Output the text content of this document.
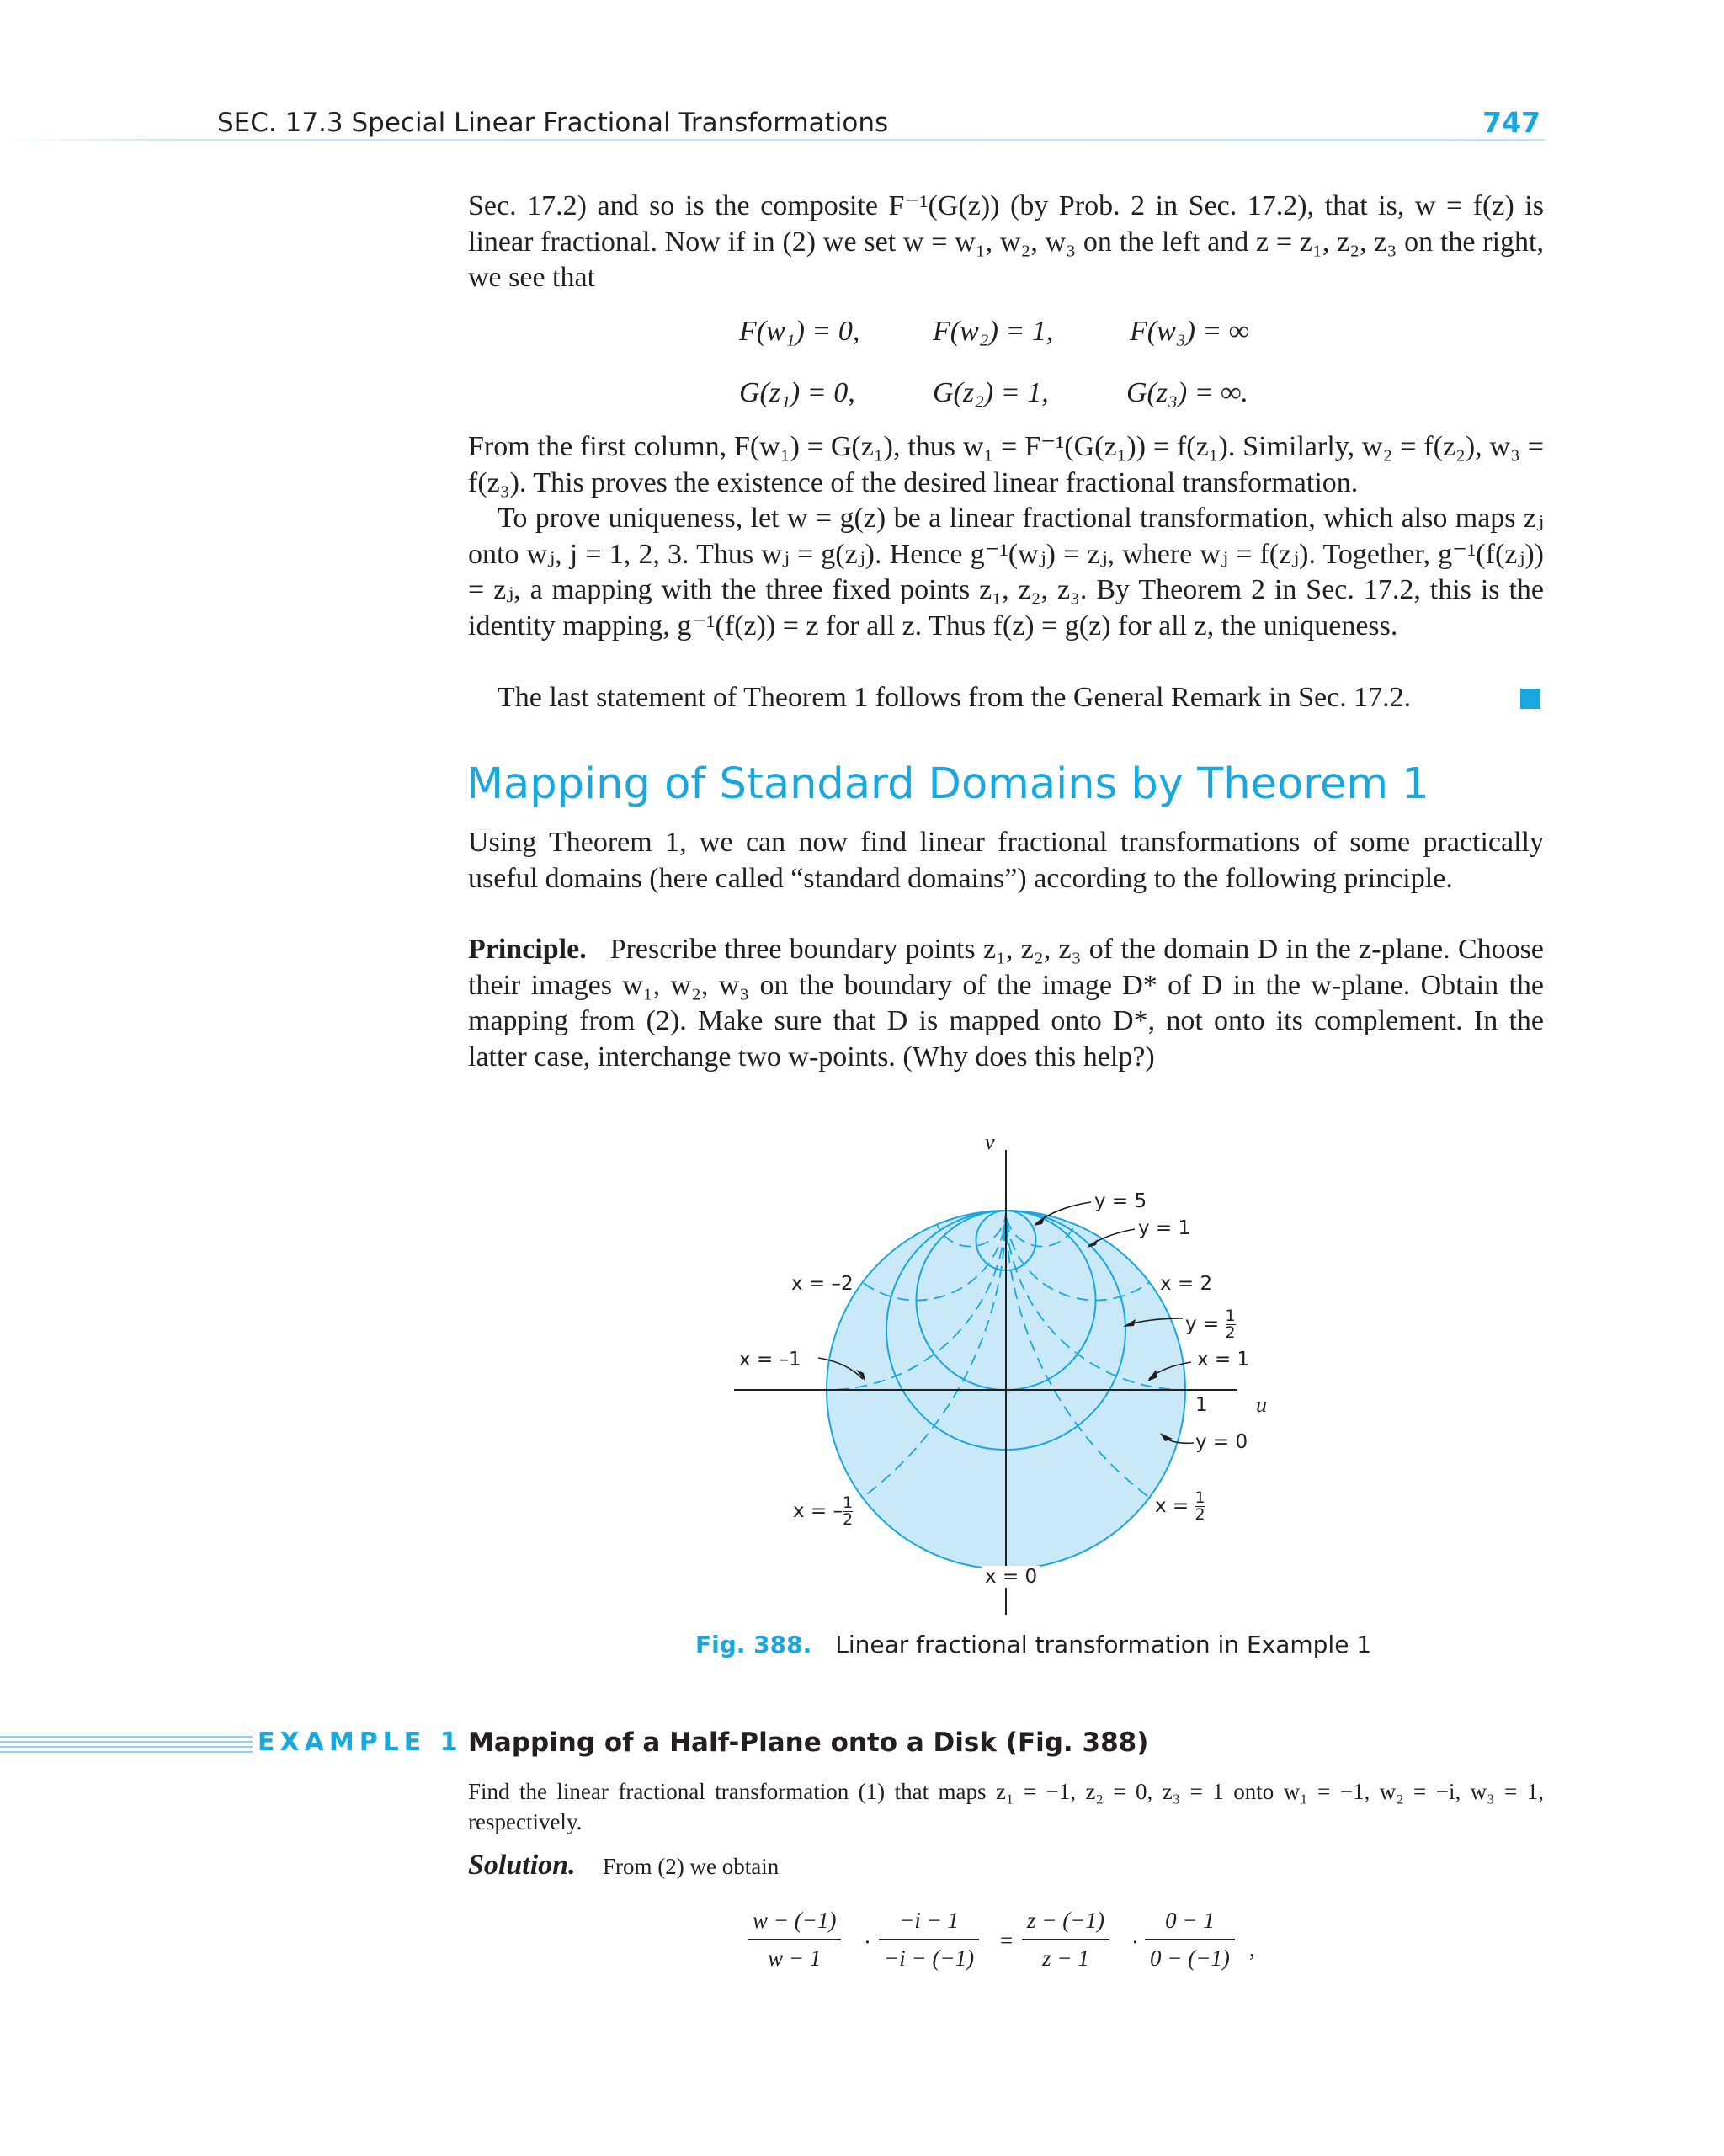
SEC. 17.3 Special Linear Fractional Transformations	747

Sec. 17.2) and so is the composite F⁻¹(G(z)) (by Prob. 2 in Sec. 17.2), that is, w = f(z) is linear fractional. Now if in (2) we set w = w₁, w₂, w₃ on the left and z = z₁, z₂, z₃ on the right, we see that

F(w₁) = 0,	F(w₂) = 1,	F(w₃) = ∞
G(z₁) = 0,	G(z₂) = 1,	G(z₃) = ∞.

From the first column, F(w₁) = G(z₁), thus w₁ = F⁻¹(G(z₁)) = f(z₁). Similarly, w₂ = f(z₂), w₃ = f(z₃). This proves the existence of the desired linear fractional transformation.

To prove uniqueness, let w = g(z) be a linear fractional transformation, which also maps zⱼ onto wⱼ, j = 1, 2, 3. Thus wⱼ = g(zⱼ). Hence g⁻¹(wⱼ) = zⱼ, where wⱼ = f(zⱼ). Together, g⁻¹(f(zⱼ)) = zⱼ, a mapping with the three fixed points z₁, z₂, z₃. By Theorem 2 in Sec. 17.2, this is the identity mapping, g⁻¹(f(z)) = z for all z. Thus f(z) = g(z) for all z, the uniqueness.

The last statement of Theorem 1 follows from the General Remark in Sec. 17.2.

Mapping of Standard Domains by Theorem 1

Using Theorem 1, we can now find linear fractional transformations of some practically useful domains (here called “standard domains”) according to the following principle.

Principle. Prescribe three boundary points z₁, z₂, z₃ of the domain D in the z-plane. Choose their images w₁, w₂, w₃ on the boundary of the image D* of D in the w-plane. Obtain the mapping from (2). Make sure that D is mapped onto D*, not onto its complement. In the latter case, interchange two w-points. (Why does this help?)

v
u
1
y = 5
y = 1
$y = \frac{1}{2}$
y = 0
x = –2
x = –1
x = – $\frac{1}{2}$
x = 2
x = 1
$x = \frac{1}{2}$
x = 0
Fig. 388. Linear fractional transformation in Example 1
EXAMPLE 1 Mapping of a Half-Plane onto a Disk (Fig. 388)

Find the linear fractional transformation (1) that maps z₁ = −1, z₂ = 0, z₃ = 1 onto w₁ = −1, w₂ = −i, w₃ = 1, respectively.

Solution. From (2) we obtain
w − (−1)
w − 1
·
−i − 1
−i − (−1)
=
z − (−1)
z − 1
·
0 − 1
0 − (−1) ,
